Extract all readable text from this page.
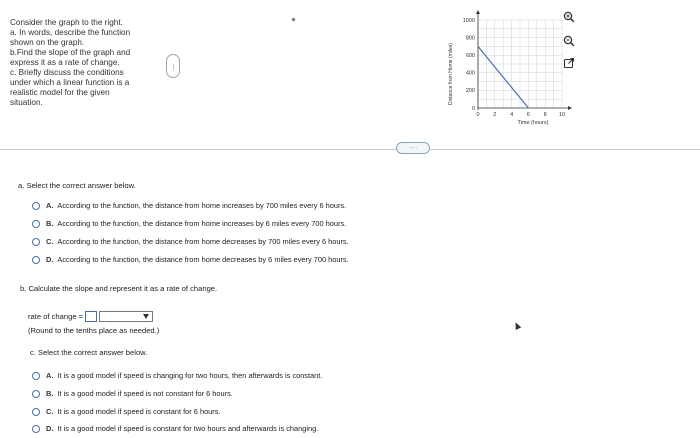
Consider the graph to the right.
a. In words, describe the function
shown on the graph.
b.Find the slope of the graph and
express it as a rate of change.
c. Briefly discuss the conditions
under which a linear function is a
realistic model for the given
situation.
·····
1000
800
600
400
200
0
0 2 4 6 8 10
Distance from Home (miles)
Time (hours)
·····
a. Select the correct answer below.
A. According to the function, the distance from home increases by 700 miles every 6 hours.
B. According to the function, the distance from home increases by 6 miles every 700 hours.
C. According to the function, the distance from home decreases by 700 miles every 6 hours.
D. According to the function, the distance from home decreases by 6 miles every 700 hours.
b. Calculate the slope and represent it as a rate of change.
rate of change =
(Round to the tenths place as needed.)
c. Select the correct answer below.
A. It is a good model if speed is changing for two hours, then afterwards is constant.
B. It is a good model if speed is not constant for 6 hours.
C. It is a good model if speed is constant for 6 hours.
D. It is a good model if speed is constant for two hours and afterwards is changing.
